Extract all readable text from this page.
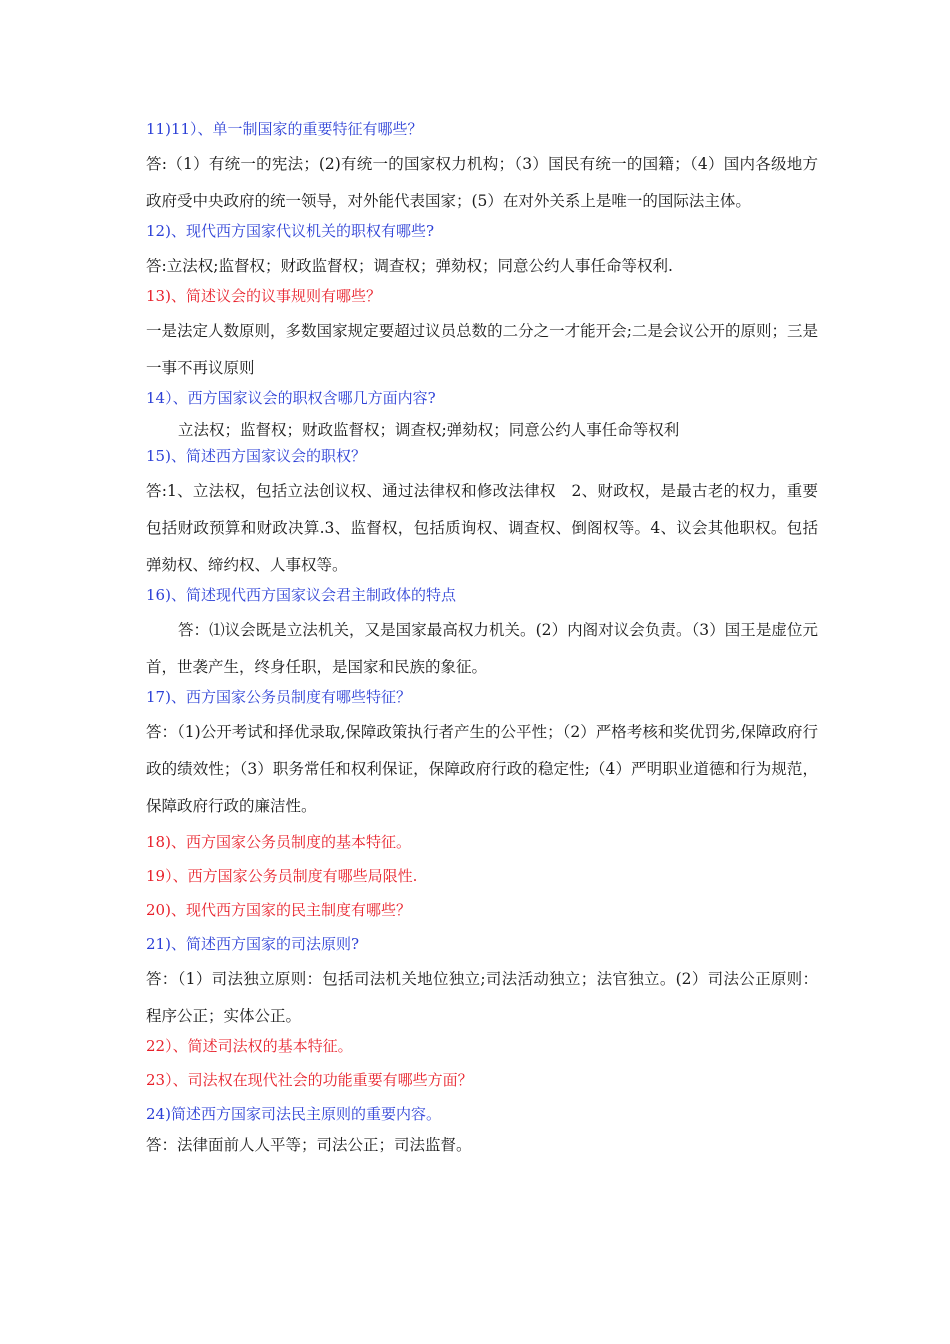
11)11）、单一制国家的重要特征有哪些？

答:（1）有统一的宪法；(2)有统一的国家权力机构；（3）国民有统一的国籍；（4）国内各级地方政府受中央政府的统一领导，对外能代表国家；(5）在对外关系上是唯一的国际法主体。

12)、现代西方国家代议机关的职权有哪些?

答:立法权;监督权；财政监督权；调查权；弹劾权；同意公约人事任命等权利.

13)、简述议会的议事规则有哪些？

一是法定人数原则，多数国家规定要超过议员总数的二分之一才能开会;二是会议公开的原则；三是一事不再议原则

14）、西方国家议会的职权含哪几方面内容?

立法权；监督权；财政监督权；调查权;弹劾权；同意公约人事任命等权利

15)、简述西方国家议会的职权？

答:1、立法权，包括立法创议权、通过法律权和修改法律权　2、财政权，是最古老的权力，重要包括财政预算和财政决算.3、监督权，包括质询权、调查权、倒阁权等。4、议会其他职权。包括弹劾权、缔约权、人事权等。

16)、简述现代西方国家议会君主制政体的特点

答：⑴议会既是立法机关，又是国家最高权力机关。(2）内阁对议会负责。（3）国王是虚位元首，世袭产生，终身任职，是国家和民族的象征。

17)、西方国家公务员制度有哪些特征？

答：（1)公开考试和择优录取,保障政策执行者产生的公平性；（2）严格考核和奖优罚劣,保障政府行政的绩效性；（3）职务常任和权利保证，保障政府行政的稳定性;（4）严明职业道德和行为规范，保障政府行政的廉洁性。

18)、西方国家公务员制度的基本特征。

19）、西方国家公务员制度有哪些局限性.

20)、现代西方国家的民主制度有哪些？

21)、简述西方国家的司法原则?

答：（1）司法独立原则：包括司法机关地位独立;司法活动独立；法官独立。(2）司法公正原则：程序公正；实体公正。

22）、简述司法权的基本特征。

23）、司法权在现代社会的功能重要有哪些方面？

24)简述西方国家司法民主原则的重要内容。

答：法律面前人人平等；司法公正；司法监督。
